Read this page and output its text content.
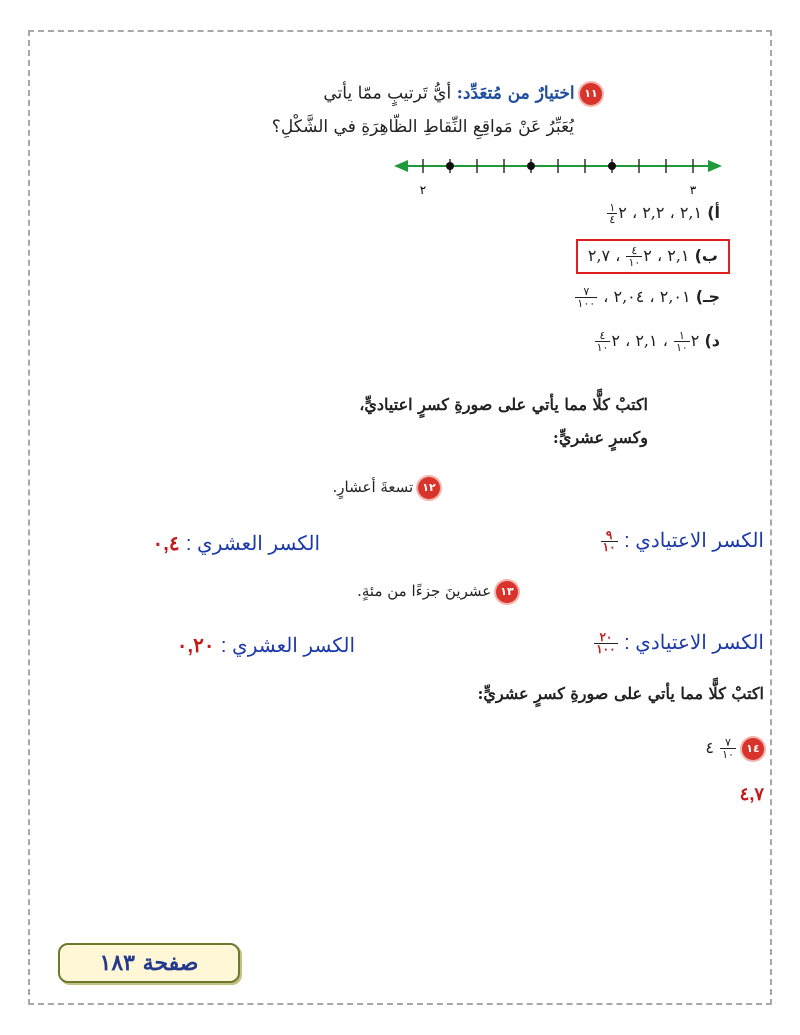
١١ اختيارٌ من مُتعَدِّد: أيُّ تَرتيبٍ ممّا يأتي
يُعَبِّرُ عَنْ مَواقِعِ النِّقاطِ الظّاهِرَةِ في الشَّكْلِ؟
٢	٣
أ) ٢,١ ، ٢,٢ ، ٢
$\frac{١}{٤}$
ب) ٢,١ ، ٢
$\frac{٤}{١٠}$
، ٢,٧
جـ) ٢,٠١ ، ٢,٠٤ ،
$\frac{٧}{١٠٠}$
د) ٢
$\frac{١}{١٠}$
، ٢,١ ، ٢
$\frac{٤}{١٠}$
اكتبْ كلًّا مما يأتي على صورةِ كسرٍ اعتياديٍّ،
وكسرٍ عشريٍّ:
١٢ تسعةَ أعشارٍ.
الكسر الاعتيادي :
$\frac{٩}{١٠}$
الكسر العشري : ٠,٤
١٣ عشرينَ جزءًا من مئةٍ.
الكسر الاعتيادي :
$\frac{٢٠}{١٠٠}$
الكسر العشري : ٠,٢٠
اكتبْ كلًّا مما يأتي على صورةِ كسرٍ عشريٍّ:
١٤
$\frac{٧}{١٠}$
٤
٤,٧
صفحة ١٨٣
